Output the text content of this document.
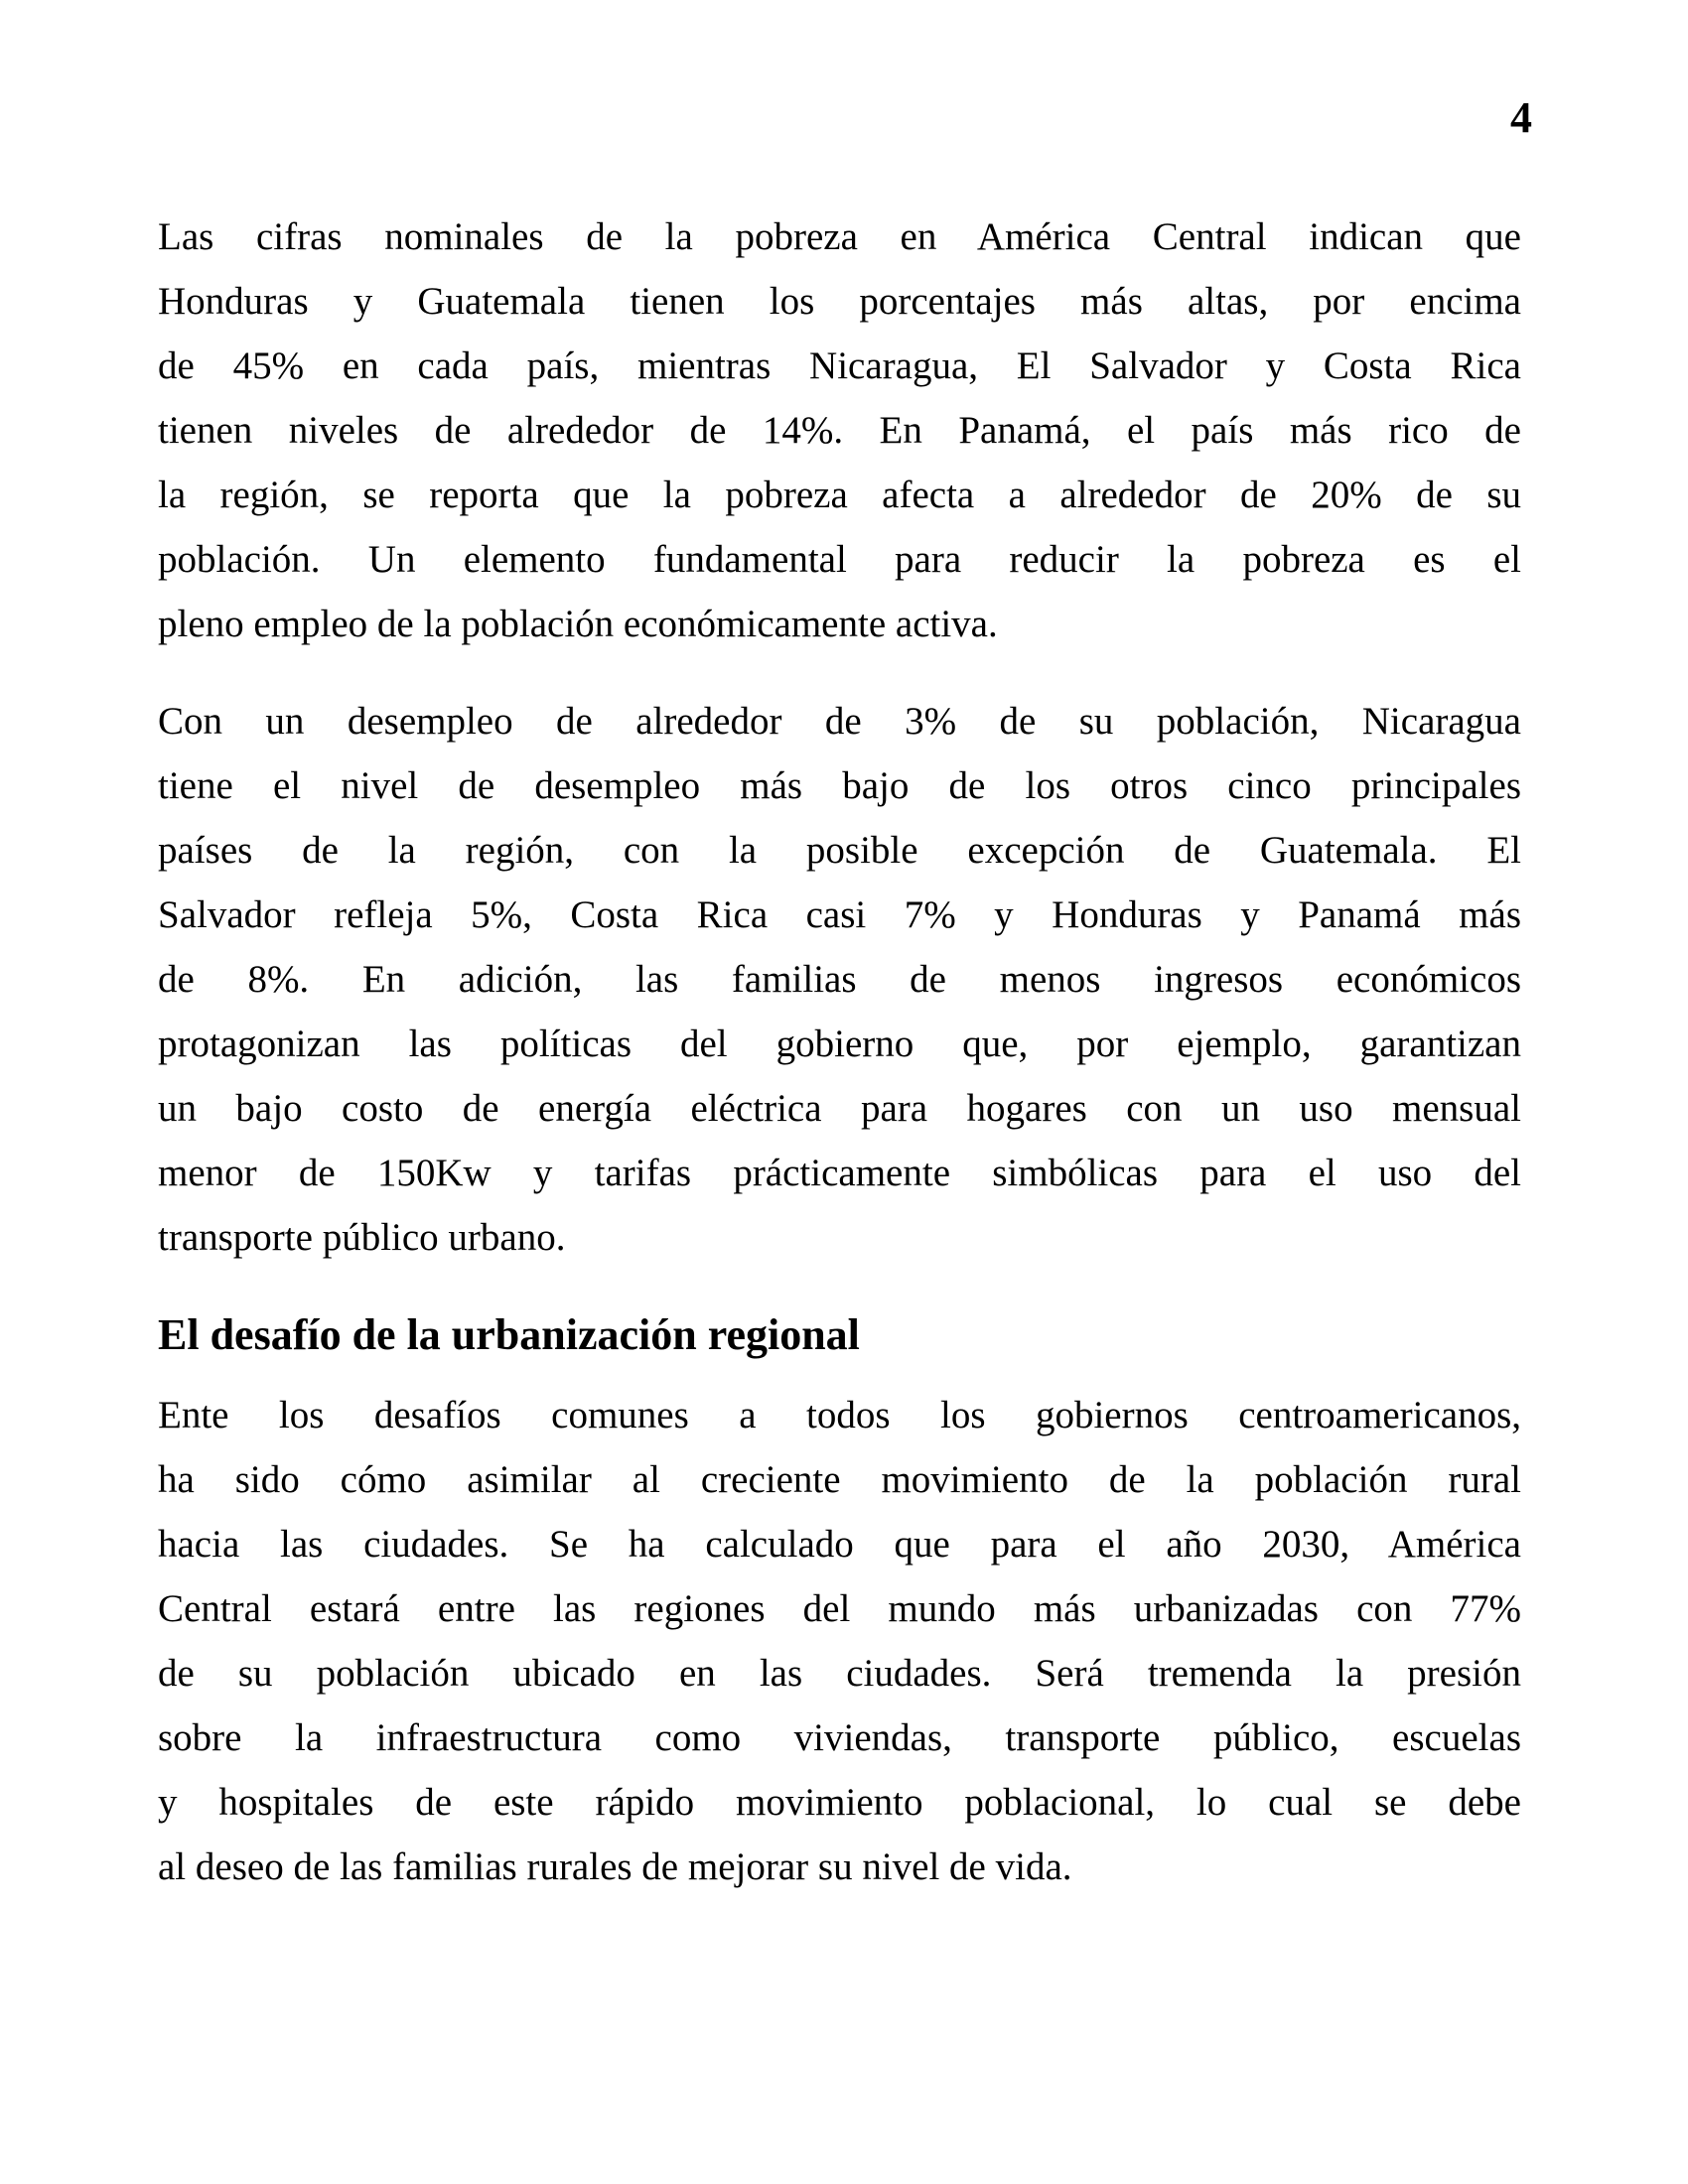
4
Las cifras nominales de la pobreza en América Central indican que
Honduras y Guatemala tienen los porcentajes más altas, por encima
de 45% en cada país, mientras Nicaragua, El Salvador y Costa Rica
tienen niveles de alrededor de 14%. En Panamá, el país más rico de
la región, se reporta que la pobreza afecta a alrededor de 20% de su
población. Un elemento fundamental para reducir la pobreza es el
pleno empleo de la población económicamente activa.
Con un desempleo de alrededor de 3% de su población, Nicaragua
tiene el nivel de desempleo más bajo de los otros cinco principales
países de la región, con la posible excepción de Guatemala. El
Salvador refleja 5%, Costa Rica casi 7% y Honduras y Panamá más
de 8%. En adición, las familias de menos ingresos económicos
protagonizan las políticas del gobierno que, por ejemplo, garantizan
un bajo costo de energía eléctrica para hogares con un uso mensual
menor de 150Kw y tarifas prácticamente simbólicas para el uso del
transporte público urbano.
El desafío de la urbanización regional
Ente los desafíos comunes a todos los gobiernos centroamericanos,
ha sido cómo asimilar al creciente movimiento de la población rural
hacia las ciudades. Se ha calculado que para el año 2030, América
Central estará entre las regiones del mundo más urbanizadas con 77%
de su población ubicado en las ciudades. Será tremenda la presión
sobre la infraestructura como viviendas, transporte público, escuelas
y hospitales de este rápido movimiento poblacional, lo cual se debe
al deseo de las familias rurales de mejorar su nivel de vida.
